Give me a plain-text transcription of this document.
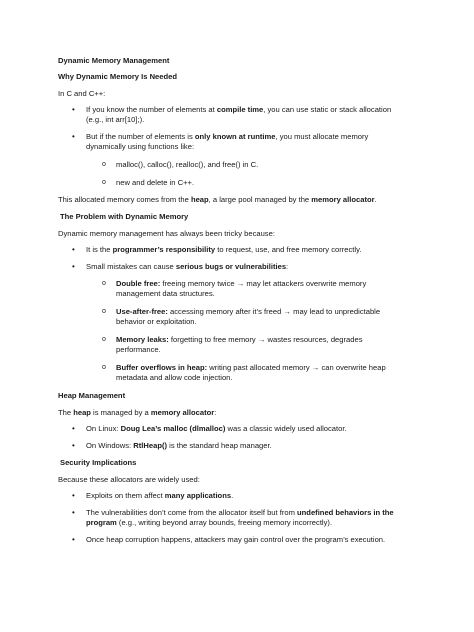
Dynamic Memory Management

Why Dynamic Memory Is Needed

In C and C++:

• If you know the number of elements at compile time, you can use static or stack allocation
(e.g., int arr[10];).
• But if the number of elements is only known at runtime, you must allocate memory
dynamically using functions like:
o malloc(), calloc(), realloc(), and free() in C.
o new and delete in C++.

This allocated memory comes from the heap, a large pool managed by the memory allocator.

The Problem with Dynamic Memory

Dynamic memory management has always been tricky because:

• It is the programmer’s responsibility to request, use, and free memory correctly.
• Small mistakes can cause serious bugs or vulnerabilities:
o Double free: freeing memory twice → may let attackers overwrite memory
management data structures.
o Use-after-free: accessing memory after it’s freed → may lead to unpredictable
behavior or exploitation.
o Memory leaks: forgetting to free memory → wastes resources, degrades
performance.
o Buffer overflows in heap: writing past allocated memory → can overwrite heap
metadata and allow code injection.

Heap Management

The heap is managed by a memory allocator:

• On Linux: Doug Lea’s malloc (dlmalloc) was a classic widely used allocator.
• On Windows: RtlHeap() is the standard heap manager.

Security Implications

Because these allocators are widely used:

• Exploits on them affect many applications.
• The vulnerabilities don’t come from the allocator itself but from undefined behaviors in the
program (e.g., writing beyond array bounds, freeing memory incorrectly).
• Once heap corruption happens, attackers may gain control over the program’s execution.
